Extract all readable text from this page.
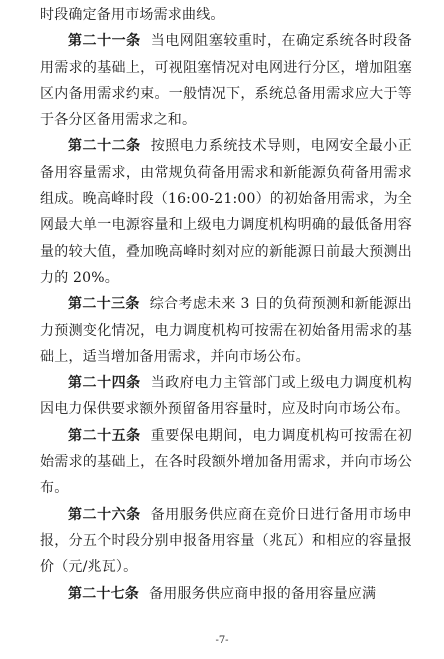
时段确定备用市场需求曲线。

第二十一条 当电网阻塞较重时，在确定系统各时段备用需求的基础上，可视阻塞情况对电网进行分区，增加阻塞区内备用需求约束。一般情况下，系统总备用需求应大于等于各分区备用需求之和。

第二十二条 按照电力系统技术导则，电网安全最小正备用容量需求，由常规负荷备用需求和新能源负荷备用需求组成。晚高峰时段（16:00-21:00）的初始备用需求，为全网最大单一电源容量和上级电力调度机构明确的最低备用容量的较大值，叠加晚高峰时刻对应的新能源日前最大预测出力的 20%。

第二十三条 综合考虑未来 3 日的负荷预测和新能源出力预测变化情况，电力调度机构可按需在初始备用需求的基础上，适当增加备用需求，并向市场公布。

第二十四条 当政府电力主管部门或上级电力调度机构因电力保供要求额外预留备用容量时，应及时向市场公布。

第二十五条 重要保电期间，电力调度机构可按需在初始需求的基础上，在各时段额外增加备用需求，并向市场公布。

第二十六条 备用服务供应商在竞价日进行备用市场申报，分五个时段分别申报备用容量（兆瓦）和相应的容量报价（元/兆瓦）。

第二十七条 备用服务供应商申报的备用容量应满

-7-
